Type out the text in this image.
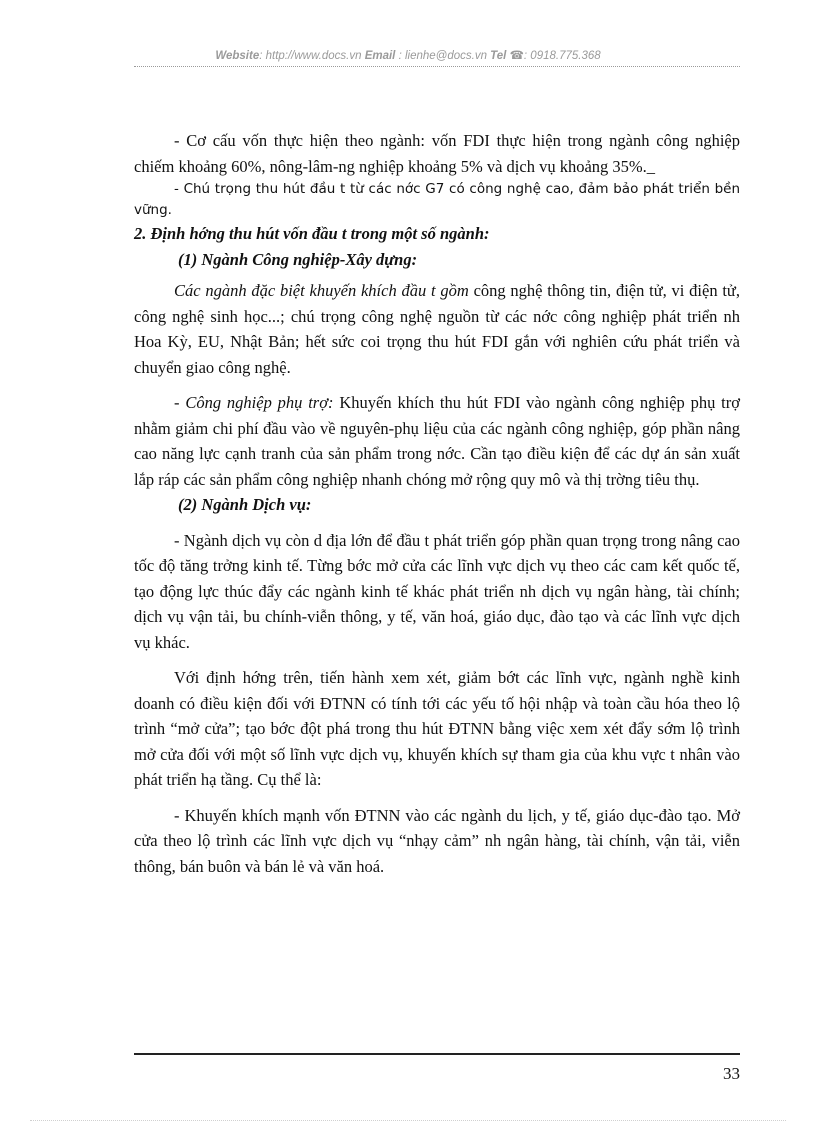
Website: http://www.docs.vn Email : lienhe@docs.vn Tel ☎: 0918.775.368

- Cơ cấu vốn thực hiện theo ngành: vốn FDI thực hiện trong ngành công nghiệp chiếm khoảng 60%, nông-lâm-ng nghiệp khoảng 5% và dịch vụ khoảng 35%._

- Chú trọng thu hút đầu t từ các nớc G7 có công nghệ cao, đảm bảo phát triển bền vững.

2. Định hớng thu hút vốn đầu t trong một số ngành:

(1) Ngành Công nghiệp-Xây dựng:

Các ngành đặc biệt khuyến khích đầu t gồm công nghệ thông tin, điện tử, vi điện tử, công nghệ sinh học...; chú trọng công nghệ nguồn từ các nớc công nghiệp phát triển nh Hoa Kỳ, EU, Nhật Bản; hết sức coi trọng thu hút FDI gắn với nghiên cứu phát triển và chuyển giao công nghệ.

- Công nghiệp phụ trợ: Khuyến khích thu hút FDI vào ngành công nghiệp phụ trợ nhằm giảm chi phí đầu vào về nguyên-phụ liệu của các ngành công nghiệp, góp phần nâng cao năng lực cạnh tranh của sản phẩm trong nớc. Cần tạo điều kiện để các dự án sản xuất lắp ráp các sản phẩm công nghiệp nhanh chóng mở rộng quy mô và thị trờng tiêu thụ.

(2) Ngành Dịch vụ:

- Ngành dịch vụ còn d địa lớn để đầu t phát triển góp phần quan trọng trong nâng cao tốc độ tăng trởng kinh tế. Từng bớc mở cửa các lĩnh vực dịch vụ theo các cam kết quốc tế, tạo động lực thúc đẩy các ngành kinh tế khác phát triển nh dịch vụ ngân hàng, tài chính; dịch vụ vận tải, bu chính-viễn thông, y tế, văn hoá, giáo dục, đào tạo và các lĩnh vực dịch vụ khác.

Với định hớng trên, tiến hành xem xét, giảm bớt các lĩnh vực, ngành nghề kinh doanh có điều kiện đối với ĐTNN có tính tới các yếu tố hội nhập và toàn cầu hóa theo lộ trình “mở cửa”; tạo bớc đột phá trong thu hút ĐTNN bằng việc xem xét đẩy sớm lộ trình mở cửa đối với một số lĩnh vực dịch vụ, khuyến khích sự tham gia của khu vực t nhân vào phát triển hạ tầng. Cụ thể là:

- Khuyến khích mạnh vốn ĐTNN vào các ngành du lịch, y tế, giáo dục-đào tạo. Mở cửa theo lộ trình các lĩnh vực dịch vụ “nhạy cảm” nh ngân hàng, tài chính, vận tải, viễn thông, bán buôn và bán lẻ và văn hoá.

33
